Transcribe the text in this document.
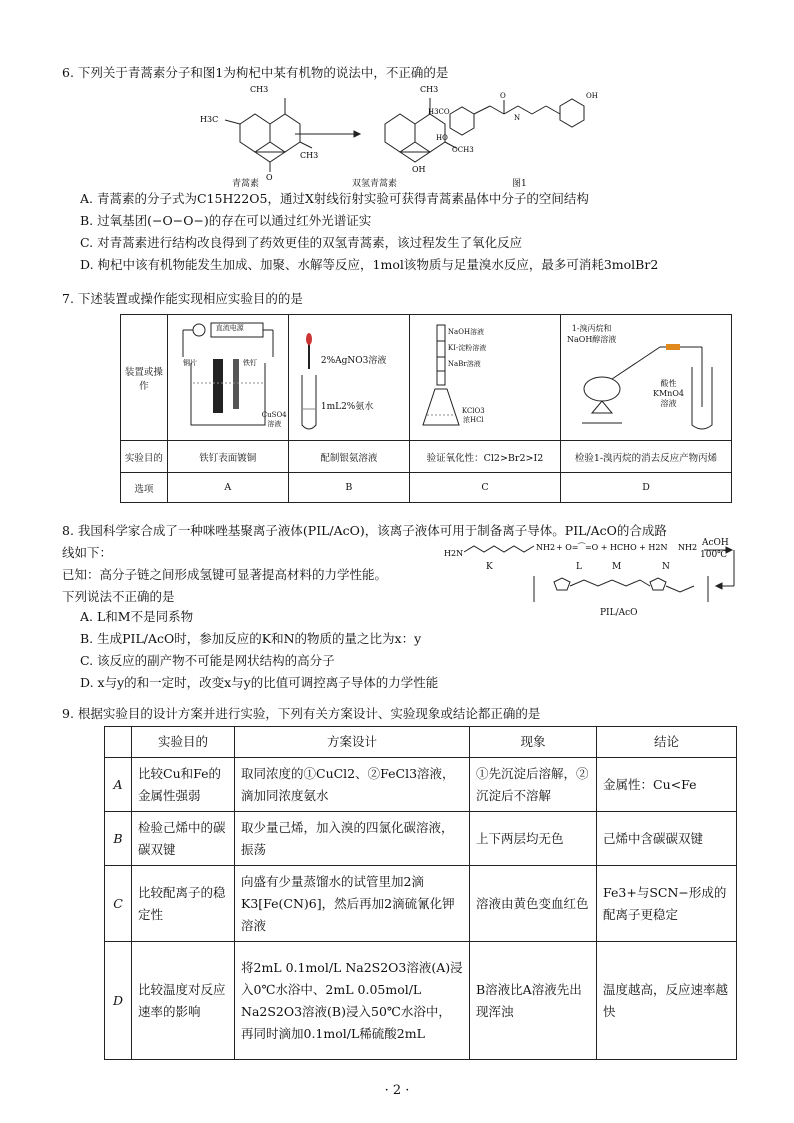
6. 下列关于青蒿素分子和图1为枸杞中某有机物的说法中，不正确的是
CH3
H3C
CH3
O
CH3
OH
H3CO
HO
OCH3
O
N
OH
青蒿素	双氢青蒿素	图1
A. 青蒿素的分子式为C15H22O5，通过X射线衍射实验可获得青蒿素晶体中分子的空间结构
B. 过氧基团(−O−O−)的存在可以通过红外光谱证实
C. 对青蒿素进行结构改良得到了药效更佳的双氢青蒿素，该过程发生了氧化反应
D. 枸杞中该有机物能发生加成、加聚、水解等反应，1mol该物质与足量溴水反应，最多可消耗3molBr2
7. 下述装置或操作能实现相应实验目的的是
装置或操作	铜片 铁钉
直流电源
CuSO4
溶液	2%AgNO3溶液
1mL2%氨水	NaOH溶液
KI-淀粉溶液
NaBr溶液
KClO3
浓HCl	1-溴丙烷和
NaOH醇溶液
酸性
KMnO4
溶液

实验目的	铁钉表面镀铜	配制银氨溶液	验证氧化性：Cl2>Br2>I2	检验1-溴丙烷的消去反应产物丙烯
选项	A	B	C	D
8. 我国科学家合成了一种咪唑基聚离子液体(PIL/AcO)，该离子液体可用于制备离子导体。PIL/AcO的合成路
线如下：
已知：高分子链之间形成氢键可显著提高材料的力学性能。
下列说法不正确的是
H2N
NH2 + O=⁀=O + HCHO + H2N NH2
K	L	M	N
AcOH
100℃
PIL/AcO
A. L和M不是同系物
B. 生成PIL/AcO时，参加反应的K和N的物质的量之比为x：y
C. 该反应的副产物不可能是网状结构的高分子
D. x与y的和一定时，改变x与y的比值可调控离子导体的力学性能
9. 根据实验目的设计方案并进行实验，下列有关方案设计、实验现象或结论都正确的是
	实验目的	方案设计	现象	结论
A	比较Cu和Fe的金属性强弱	取同浓度的①CuCl2、②FeCl3溶液，滴加同浓度氨水	①先沉淀后溶解，②沉淀后不溶解	金属性：Cu<Fe
B	检验己烯中的碳碳双键	取少量己烯，加入溴的四氯化碳溶液，振荡	上下两层均无色	己烯中含碳碳双键
C	比较配离子的稳定性	向盛有少量蒸馏水的试管里加2滴K3[Fe(CN)6]，然后再加2滴硫氰化钾溶液	溶液由黄色变血红色	Fe3+与SCN−形成的配离子更稳定
D	比较温度对反应速率的影响	将2mL 0.1mol/L Na2S2O3溶液(A)浸入0℃水浴中、2mL 0.05mol/L Na2S2O3溶液(B)浸入50℃水浴中，再同时滴加0.1mol/L稀硫酸2mL	B溶液比A溶液先出现浑浊	温度越高，反应速率越快
· 2 ·
